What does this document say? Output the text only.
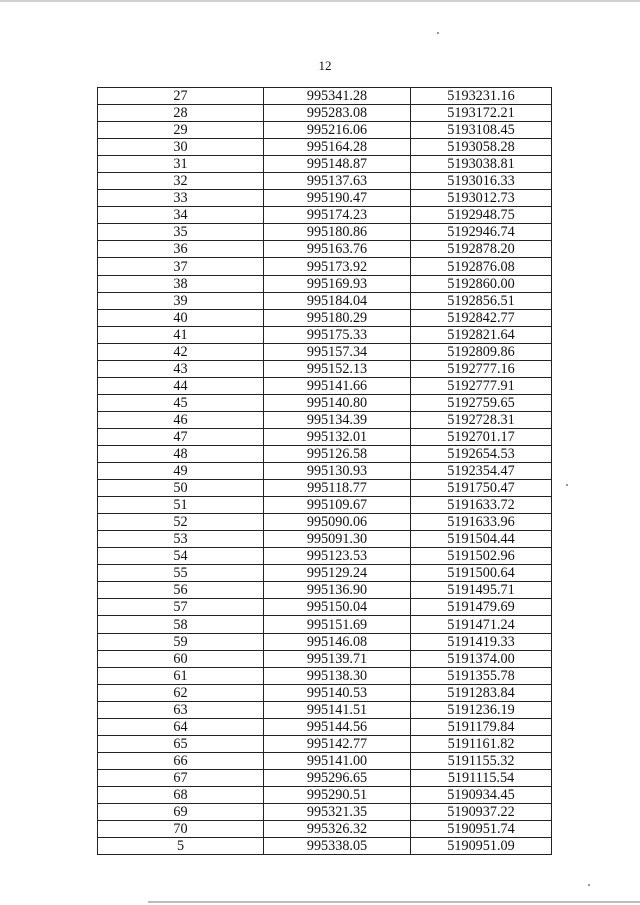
12
27	995341.28	5193231.16
28	995283.08	5193172.21
29	995216.06	5193108.45
30	995164.28	5193058.28
31	995148.87	5193038.81
32	995137.63	5193016.33
33	995190.47	5193012.73
34	995174.23	5192948.75
35	995180.86	5192946.74
36	995163.76	5192878.20
37	995173.92	5192876.08
38	995169.93	5192860.00
39	995184.04	5192856.51
40	995180.29	5192842.77
41	995175.33	5192821.64
42	995157.34	5192809.86
43	995152.13	5192777.16
44	995141.66	5192777.91
45	995140.80	5192759.65
46	995134.39	5192728.31
47	995132.01	5192701.17
48	995126.58	5192654.53
49	995130.93	5192354.47
50	995118.77	5191750.47
51	995109.67	5191633.72
52	995090.06	5191633.96
53	995091.30	5191504.44
54	995123.53	5191502.96
55	995129.24	5191500.64
56	995136.90	5191495.71
57	995150.04	5191479.69
58	995151.69	5191471.24
59	995146.08	5191419.33
60	995139.71	5191374.00
61	995138.30	5191355.78
62	995140.53	5191283.84
63	995141.51	5191236.19
64	995144.56	5191179.84
65	995142.77	5191161.82
66	995141.00	5191155.32
67	995296.65	5191115.54
68	995290.51	5190934.45
69	995321.35	5190937.22
70	995326.32	5190951.74
5	995338.05	5190951.09
